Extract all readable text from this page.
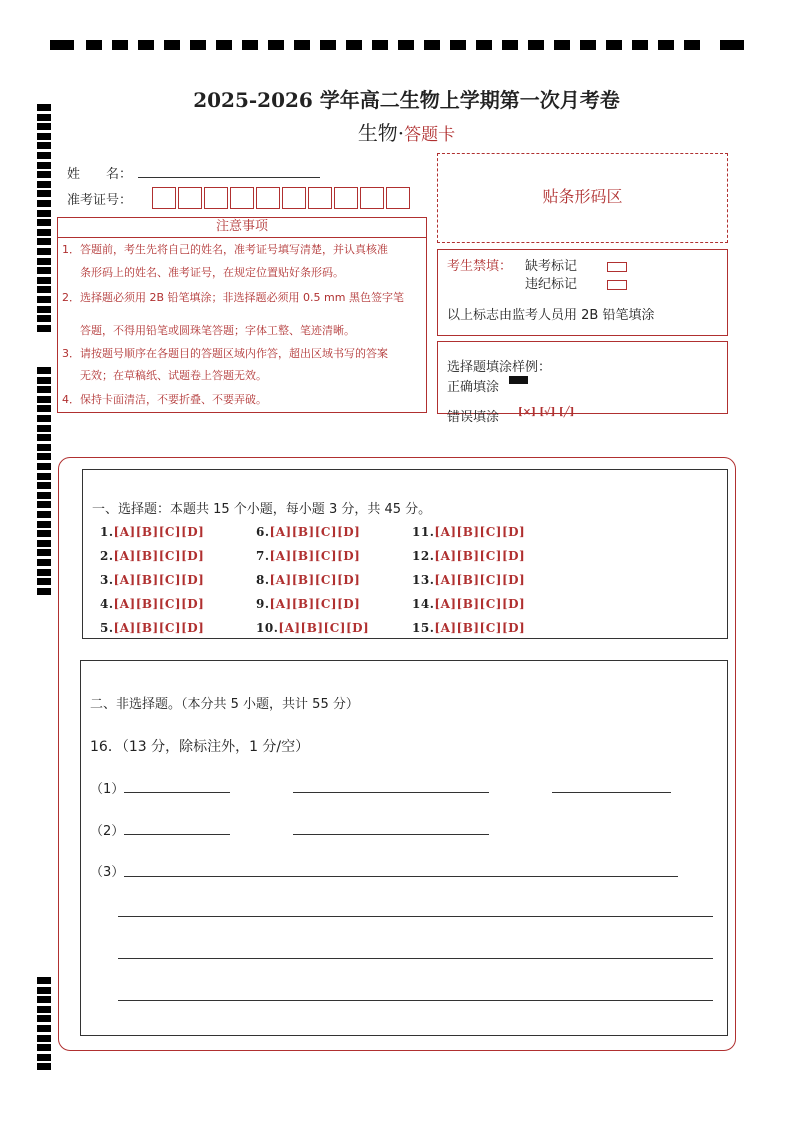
2025-2026 学年高二生物上学期第一次月考卷
生物·答题卡
姓　　名：
准考证号：	贴条形码区
注意事项
1．答题前，考生先将自己的姓名，准考证号填写清楚，并认真核准
条形码上的姓名、准考证号，在规定位置贴好条形码。
2．选择题必须用 2B 铅笔填涂；非选择题必须用 0.5 mm 黑色签字笔
答题，不得用铅笔或圆珠笔答题；字体工整、笔迹清晰。
3．请按题号顺序在各题目的答题区域内作答，超出区域书写的答案
无效；在草稿纸、试题卷上答题无效。
4．保持卡面清洁，不要折叠、不要弄破。
考生禁填： 缺考标记
违纪标记
以上标志由监考人员用 2B 铅笔填涂
选择题填涂样例：
正确填涂
错误填涂 [×] [√] [╱]
一、选择题：本题共 15 个小题，每小题 3 分，共 45 分。
1.[A][B][C][D]
2.[A][B][C][D]
3.[A][B][C][D]
4.[A][B][C][D]
5.[A][B][C][D]
6.[A][B][C][D]
7.[A][B][C][D]
8.[A][B][C][D]
9.[A][B][C][D]
10.[A][B][C][D]
11.[A][B][C][D]
12.[A][B][C][D]
13.[A][B][C][D]
14.[A][B][C][D]
15.[A][B][C][D]
二、非选择题。（本分共 5 小题，共计 55 分）
16．（13 分，除标注外，1 分/空）
（1）
（2）
（3）
